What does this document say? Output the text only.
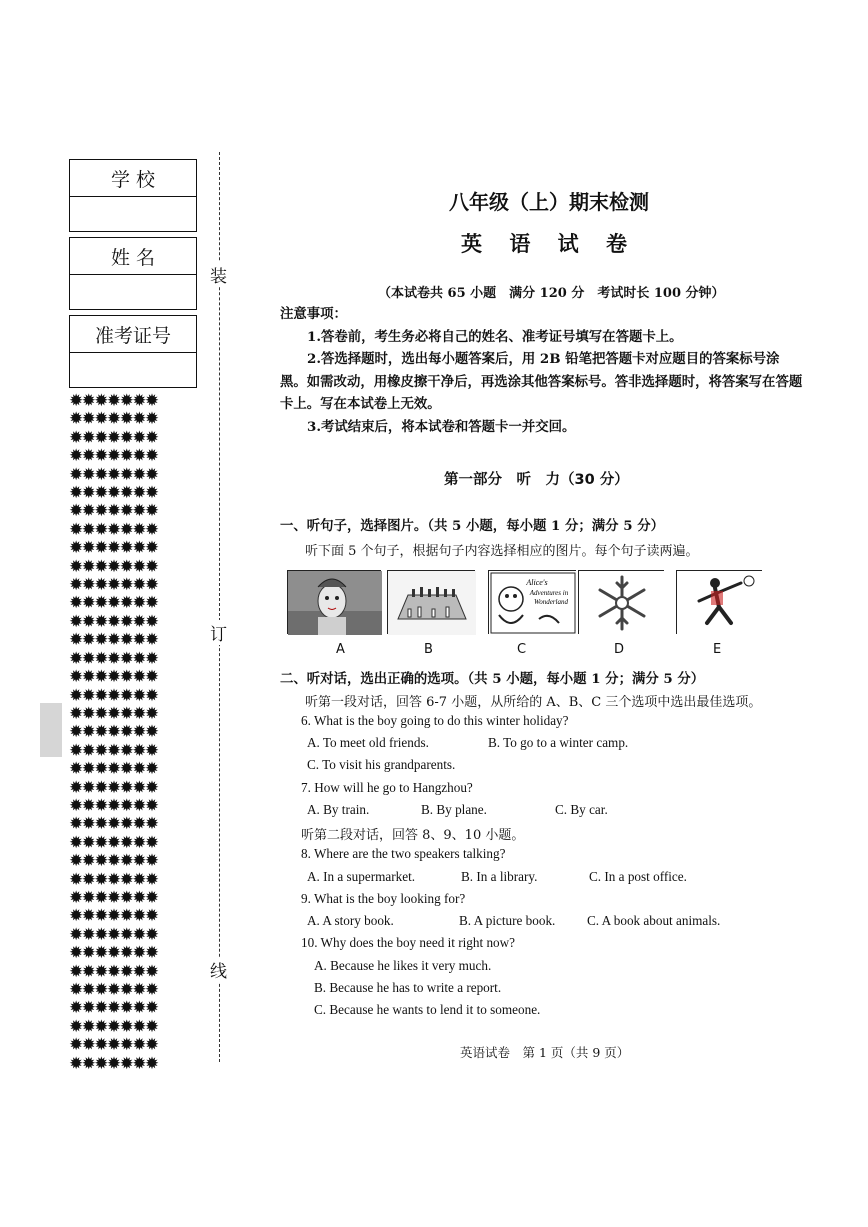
学 校
姓 名
准考证号
✹✹✹✹✹✹✹
✹✹✹✹✹✹✹
✹✹✹✹✹✹✹
✹✹✹✹✹✹✹
✹✹✹✹✹✹✹
✹✹✹✹✹✹✹
✹✹✹✹✹✹✹
✹✹✹✹✹✹✹
✹✹✹✹✹✹✹
✹✹✹✹✹✹✹
✹✹✹✹✹✹✹
✹✹✹✹✹✹✹
✹✹✹✹✹✹✹
✹✹✹✹✹✹✹
✹✹✹✹✹✹✹
✹✹✹✹✹✹✹
✹✹✹✹✹✹✹
✹✹✹✹✹✹✹
✹✹✹✹✹✹✹
✹✹✹✹✹✹✹
✹✹✹✹✹✹✹
✹✹✹✹✹✹✹
✹✹✹✹✹✹✹
✹✹✹✹✹✹✹
✹✹✹✹✹✹✹
✹✹✹✹✹✹✹
✹✹✹✹✹✹✹
✹✹✹✹✹✹✹
✹✹✹✹✹✹✹
✹✹✹✹✹✹✹
✹✹✹✹✹✹✹
✹✹✹✹✹✹✹
✹✹✹✹✹✹✹
✹✹✹✹✹✹✹
✹✹✹✹✹✹✹
✹✹✹✹✹✹✹
✹✹✹✹✹✹✹
装
订
线
八年级（上）期末检测
英 语 试 卷
（本试卷共 65 小题　满分 120 分　考试时长 100 分钟）

注意事项：

1.答卷前，考生务必将自己的姓名、准考证号填写在答题卡上。

2.答选择题时，选出每小题答案后，用 2B 铅笔把答题卡对应题目的答案标号涂黑。如需改动，用橡皮擦干净后，再选涂其他答案标号。答非选择题时，将答案写在答题卡上。写在本试卷上无效。

3.考试结束后，将本试卷和答题卡一并交回。

第一部分　听　力（30 分）
一、听句子，选择图片。（共 5 小题，每小题 1 分；满分 5 分）
听下面 5 个句子，根据句子内容选择相应的图片。每个句子读两遍。
Alice's
Adventures in
Wonderland
A	B	C	D	E
二、听对话，选出正确的选项。（共 5 小题，每小题 1 分；满分 5 分）
听第一段对话，回答 6-7 小题，从所给的 A、B、C 三个选项中选出最佳选项。
6. What is the boy going to do this winter holiday?
A. To meet old friends.	B. To go to a winter camp.
C. To visit his grandparents.
7. How will he go to Hangzhou?
A. By train.	B. By plane.	C. By car.
听第二段对话，回答 8、9、10 小题。
8. Where are the two speakers talking?
A. In a supermarket.	B. In a library.	C. In a post office.
9. What is the boy looking for?
A. A story book.	B. A picture book. C. A book about animals.
10. Why does the boy need it right now?
A. Because he likes it very much.
B. Because he has to write a report.
C. Because he wants to lend it to someone.
英语试卷　第 1 页（共 9 页）
